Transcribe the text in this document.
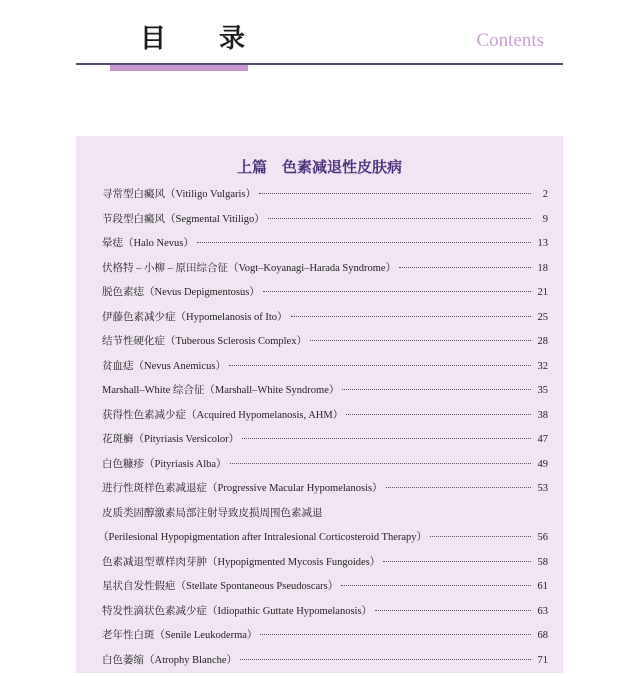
目 录	Contents
上篇　色素减退性皮肤病
寻常型白癜风（Vitiligo Vulgaris）	2
节段型白癜风（Segmental Vitiligo）	9
晕痣（Halo Nevus）	13
伏格特 – 小柳 – 原田综合征（Vogt–Koyanagi–Harada Syndrome）	18
脱色素痣（Nevus Depigmentosus）	21
伊藤色素减少症（Hypomelanosis of Ito）	25
结节性硬化症（Tuberous Sclerosis Complex）	28
贫血痣（Nevus Anemicus）	32
Marshall–White 综合征（Marshall–White Syndrome）	35
获得性色素减少症（Acquired Hypomelanosis, AHM）	38
花斑癣（Pityriasis Versicolor）	47
白色糠疹（Pityriasis Alba）	49
进行性斑样色素减退症（Progressive Macular Hypomelanosis）	53
皮质类固醇激素局部注射导致皮损周围色素减退
（Perilesional Hypopigmentation after Intralesional Corticosteroid Therapy）	56
色素减退型蕈样肉芽肿（Hypopigmented Mycosis Fungoides）	58
星状自发性假疤（Stellate Spontaneous Pseudoscars）	61
特发性滴状色素减少症（Idiopathic Guttate Hypomelanosis）	63
老年性白斑（Senile Leukoderma）	68
白色萎缩（Atrophy Blanche）	71
